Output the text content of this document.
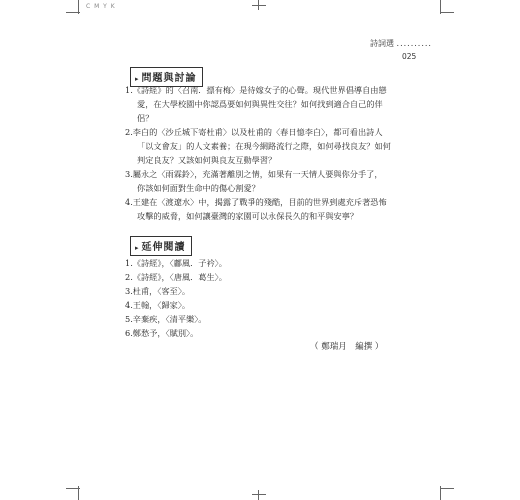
C M Y K
詩詞選 ..........
025
▸ 問題與討論
1.《詩經》的〈召南．摽有梅〉是待嫁女子的心聲。現代世界倡導自由戀
愛，在大學校園中你認爲要如何與異性交往？如何找到適合自己的伴
侶？
2.李白的〈沙丘城下寄杜甫〉以及杜甫的〈春日憶李白〉，都可看出詩人
「以文會友」的人文素養；在現今網路流行之際，如何尋找良友？如何
判定良友？又該如何與良友互動學習？
3.屬永之〈雨霖鈴〉，充滿著離別之情，如果有一天情人要與你分手了，
你該如何面對生命中的傷心割愛？
4.王建在〈渡遼水〉中，揭露了戰爭的殘酷，目前的世界到處充斥著恐怖
攻擊的威脅，如何讓臺灣的家園可以永保長久的和平與安寧？
▸ 延伸閱讀
1.《詩經》，〈鄘風．子衿〉。
2.《詩經》，〈唐風．葛生〉。
3.杜甫，〈客至〉。
4.王翰，〈歸家〉。
5.辛棄疾，〈清平樂〉。
6.鄭愁予，〈賦別〉。
（ 鄭瑞月　編撰 ）
